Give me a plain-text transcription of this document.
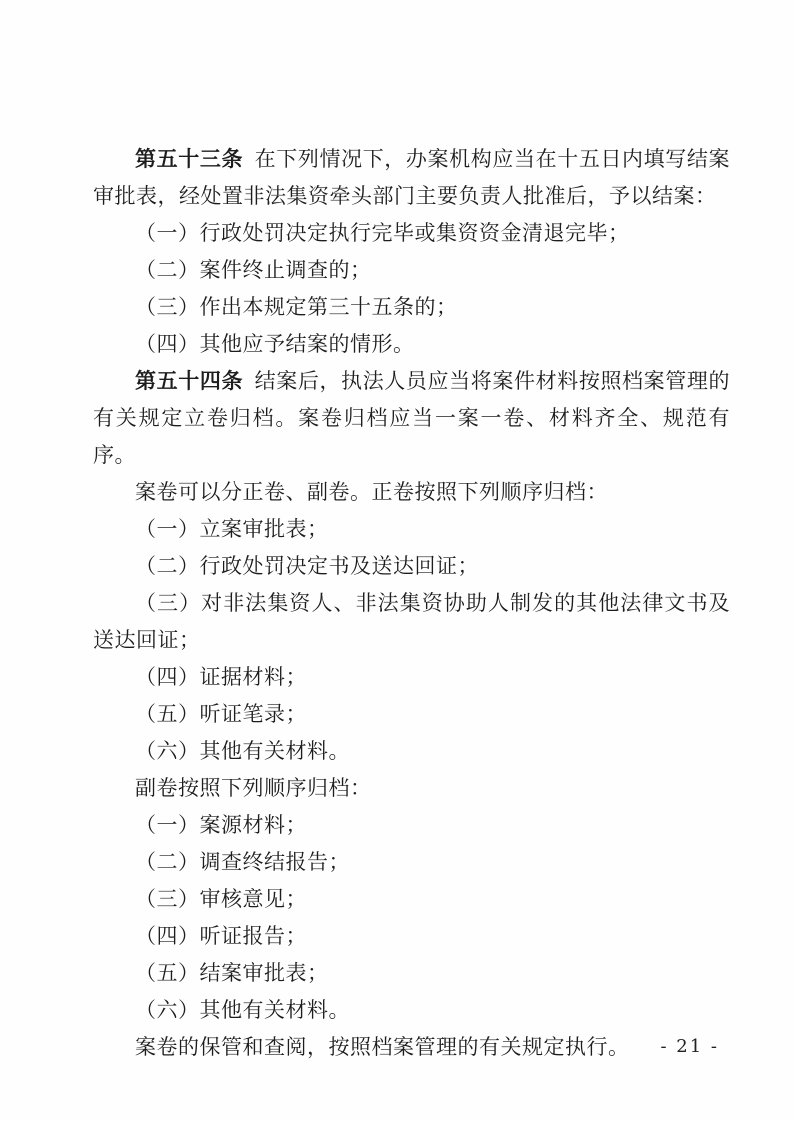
第五十三条 在下列情况下，办案机构应当在十五日内填写结案审批表，经处置非法集资牵头部门主要负责人批准后，予以结案：

（一）行政处罚决定执行完毕或集资资金清退完毕；

（二）案件终止调查的；

（三）作出本规定第三十五条的；

（四）其他应予结案的情形。

第五十四条 结案后，执法人员应当将案件材料按照档案管理的有关规定立卷归档。案卷归档应当一案一卷、材料齐全、规范有序。

案卷可以分正卷、副卷。正卷按照下列顺序归档：

（一）立案审批表；

（二）行政处罚决定书及送达回证；

（三）对非法集资人、非法集资协助人制发的其他法律文书及送达回证；

（四）证据材料；

（五）听证笔录；

（六）其他有关材料。

副卷按照下列顺序归档：

（一）案源材料；

（二）调查终结报告；

（三）审核意见；

（四）听证报告；

（五）结案审批表；

（六）其他有关材料。

案卷的保管和查阅，按照档案管理的有关规定执行。	- 21 -
